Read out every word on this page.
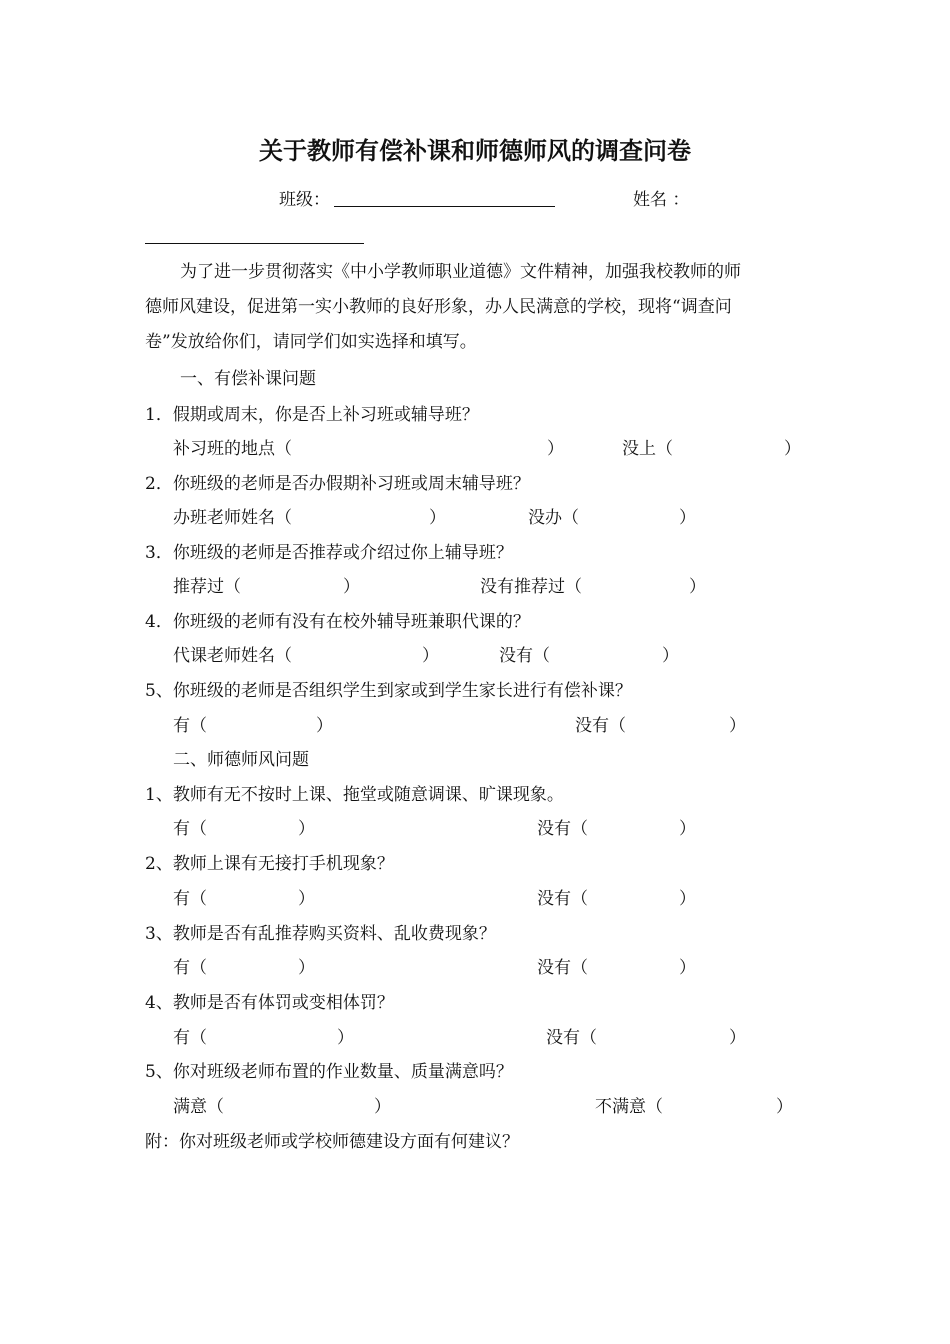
关于教师有偿补课和师德师风的调查问卷
班级：	姓名 ：
为了进一步贯彻落实《中小学教师职业道德》文件精神，加强我校教师的师
德师风建设，促进第一实小教师的良好形象，办人民满意的学校，现将“调查问
卷”发放给你们，请同学们如实选择和填写。
一、有偿补课问题
1．假期或周末，你是否上补习班或辅导班？
补习班的地点（	）	没上（	）
2．你班级的老师是否办假期补习班或周末辅导班？
办班老师姓名（	）	没办（	）
3．你班级的老师是否推荐或介绍过你上辅导班？
推荐过（	）	没有推荐过（	）
4．你班级的老师有没有在校外辅导班兼职代课的？
代课老师姓名（	）	没有（	）
5、你班级的老师是否组织学生到家或到学生家长进行有偿补课？
有（	）	没有（	）
二、师德师风问题
1、教师有无不按时上课、拖堂或随意调课、旷课现象。
有（	）	没有（	）
2、教师上课有无接打手机现象？
有（	）	没有（	）
3、教师是否有乱推荐购买资料、乱收费现象？
有（	）	没有（	）
4、教师是否有体罚或变相体罚？
有（	）	没有（	）
5、你对班级老师布置的作业数量、质量满意吗？
满意（	）	不满意（	）
附：你对班级老师或学校师德建设方面有何建议？
